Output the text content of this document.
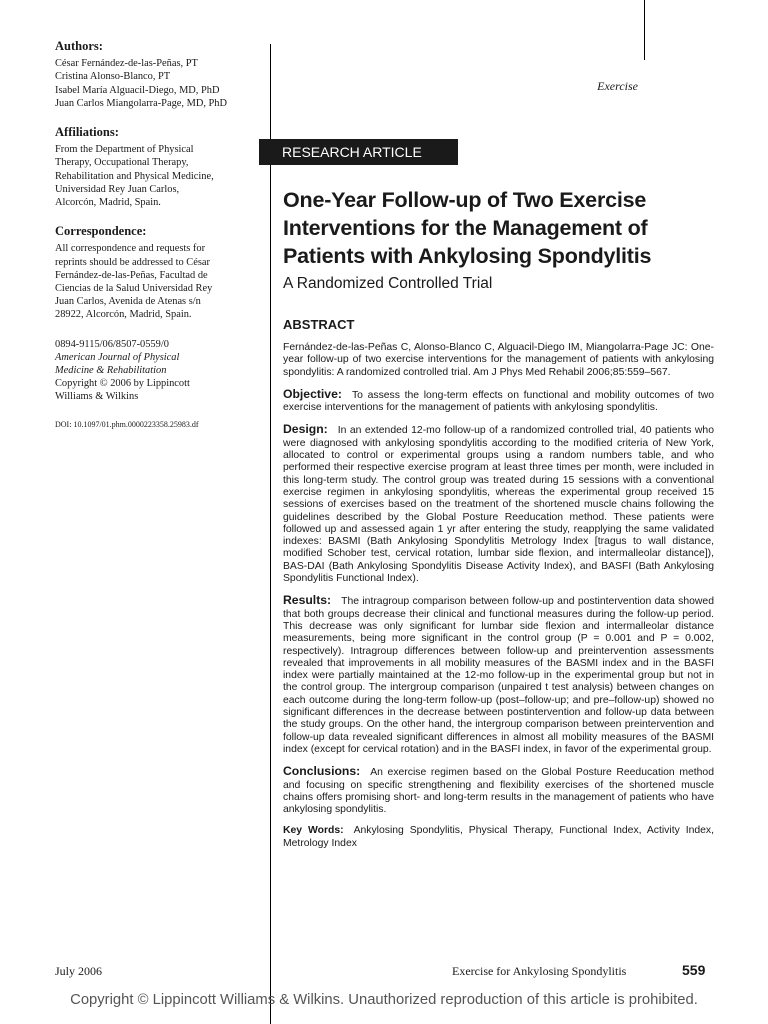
Authors:
César Fernández-de-las-Peñas, PT
Cristina Alonso-Blanco, PT
Isabel María Alguacil-Diego, MD, PhD
Juan Carlos Miangolarra-Page, MD, PhD
Affiliations:
From the Department of Physical
Therapy, Occupational Therapy,
Rehabilitation and Physical Medicine,
Universidad Rey Juan Carlos,
Alcorcón, Madrid, Spain.
Correspondence:
All correspondence and requests for
reprints should be addressed to César
Fernández-de-las-Peñas, Facultad de
Ciencias de la Salud Universidad Rey
Juan Carlos, Avenida de Atenas s/n
28922, Alcorcón, Madrid, Spain.
0894-9115/06/8507-0559/0
American Journal of Physical
Medicine & Rehabilitation
Copyright © 2006 by Lippincott
Williams & Wilkins
DOI: 10.1097/01.phm.0000223358.25983.df
Exercise
RESEARCH ARTICLE
One-Year Follow-up of Two Exercise Interventions for the Management of Patients with Ankylosing Spondylitis
A Randomized Controlled Trial
ABSTRACT

Fernández-de-las-Peñas C, Alonso-Blanco C, Alguacil-Diego IM, Miangolarra-Page JC: One-year follow-up of two exercise interventions for the management of patients with ankylosing spondylitis: A randomized controlled trial. Am J Phys Med Rehabil 2006;85:559–567.

Objective: To assess the long-term effects on functional and mobility outcomes of two exercise interventions for the management of patients with ankylosing spondylitis.

Design: In an extended 12-mo follow-up of a randomized controlled trial, 40 patients who were diagnosed with ankylosing spondylitis according to the modified criteria of New York, allocated to control or experimental groups using a random numbers table, and who performed their respective exercise program at least three times per month, were included in this long-term study. The control group was treated during 15 sessions with a conventional exercise regimen in ankylosing spondylitis, whereas the experimental group received 15 sessions of exercises based on the treatment of the shortened muscle chains following the guidelines described by the Global Posture Reeducation method. These patients were followed up and assessed again 1 yr after entering the study, reapplying the same validated indexes: BASMI (Bath Ankylosing Spondylitis Metrology Index [tragus to wall distance, modified Schober test, cervical rotation, lumbar side flexion, and intermalleolar distance]), BAS-DAI (Bath Ankylosing Spondylitis Disease Activity Index), and BASFI (Bath Ankylosing Spondylitis Functional Index).

Results: The intragroup comparison between follow-up and postintervention data showed that both groups decrease their clinical and functional measures during the follow-up period. This decrease was only significant for lumbar side flexion and intermalleolar distance measurements, being more significant in the control group (P = 0.001 and P = 0.002, respectively). Intragroup differences between follow-up and preintervention assessments revealed that improvements in all mobility measures of the BASMI index and in the BASFI index were partially maintained at the 12-mo follow-up in the experimental group but not in the control group. The intergroup comparison (unpaired t test analysis) between changes on each outcome during the long-term follow-up (post–follow-up; and pre–follow-up) showed no significant differences in the decrease between postintervention and follow-up data between the study groups. On the other hand, the intergroup comparison between preintervention and follow-up data revealed significant differences in almost all mobility measures of the BASMI index (except for cervical rotation) and in the BASFI index, in favor of the experimental group.

Conclusions: An exercise regimen based on the Global Posture Reeducation method and focusing on specific strengthening and flexibility exercises of the shortened muscle chains offers promising short- and long-term results in the management of patients who have ankylosing spondylitis.

Key Words: Ankylosing Spondylitis, Physical Therapy, Functional Index, Activity Index, Metrology Index

July 2006	Exercise for Ankylosing Spondylitis	559
Copyright © Lippincott Williams & Wilkins. Unauthorized reproduction of this article is prohibited.
